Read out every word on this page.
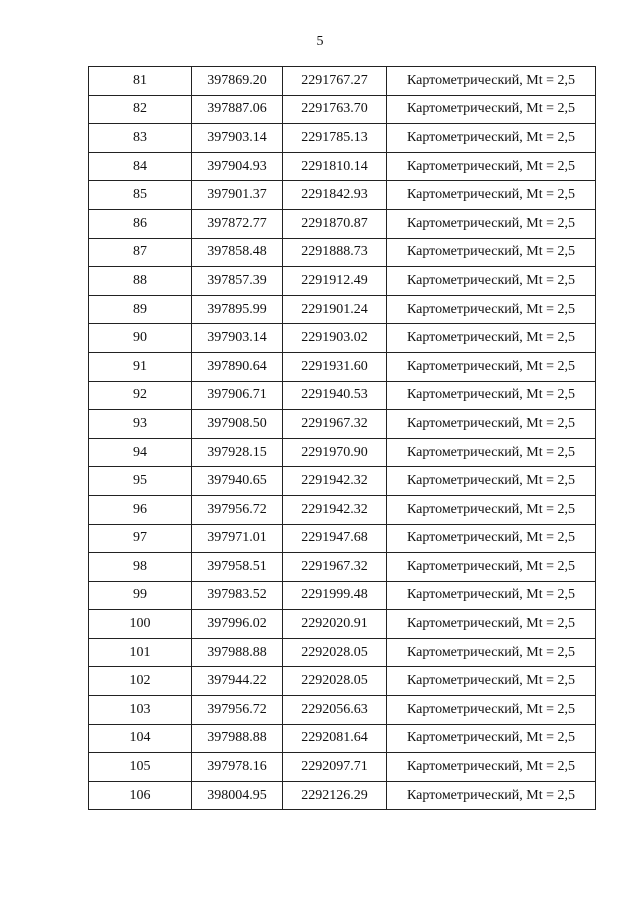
5
81	397869.20	2291767.27	Картометрический, Mt = 2,5
82	397887.06	2291763.70	Картометрический, Mt = 2,5
83	397903.14	2291785.13	Картометрический, Mt = 2,5
84	397904.93	2291810.14	Картометрический, Mt = 2,5
85	397901.37	2291842.93	Картометрический, Mt = 2,5
86	397872.77	2291870.87	Картометрический, Mt = 2,5
87	397858.48	2291888.73	Картометрический, Mt = 2,5
88	397857.39	2291912.49	Картометрический, Mt = 2,5
89	397895.99	2291901.24	Картометрический, Mt = 2,5
90	397903.14	2291903.02	Картометрический, Mt = 2,5
91	397890.64	2291931.60	Картометрический, Mt = 2,5
92	397906.71	2291940.53	Картометрический, Mt = 2,5
93	397908.50	2291967.32	Картометрический, Mt = 2,5
94	397928.15	2291970.90	Картометрический, Mt = 2,5
95	397940.65	2291942.32	Картометрический, Mt = 2,5
96	397956.72	2291942.32	Картометрический, Mt = 2,5
97	397971.01	2291947.68	Картометрический, Mt = 2,5
98	397958.51	2291967.32	Картометрический, Mt = 2,5
99	397983.52	2291999.48	Картометрический, Mt = 2,5
100	397996.02	2292020.91	Картометрический, Mt = 2,5
101	397988.88	2292028.05	Картометрический, Mt = 2,5
102	397944.22	2292028.05	Картометрический, Mt = 2,5
103	397956.72	2292056.63	Картометрический, Mt = 2,5
104	397988.88	2292081.64	Картометрический, Mt = 2,5
105	397978.16	2292097.71	Картометрический, Mt = 2,5
106	398004.95	2292126.29	Картометрический, Mt = 2,5
